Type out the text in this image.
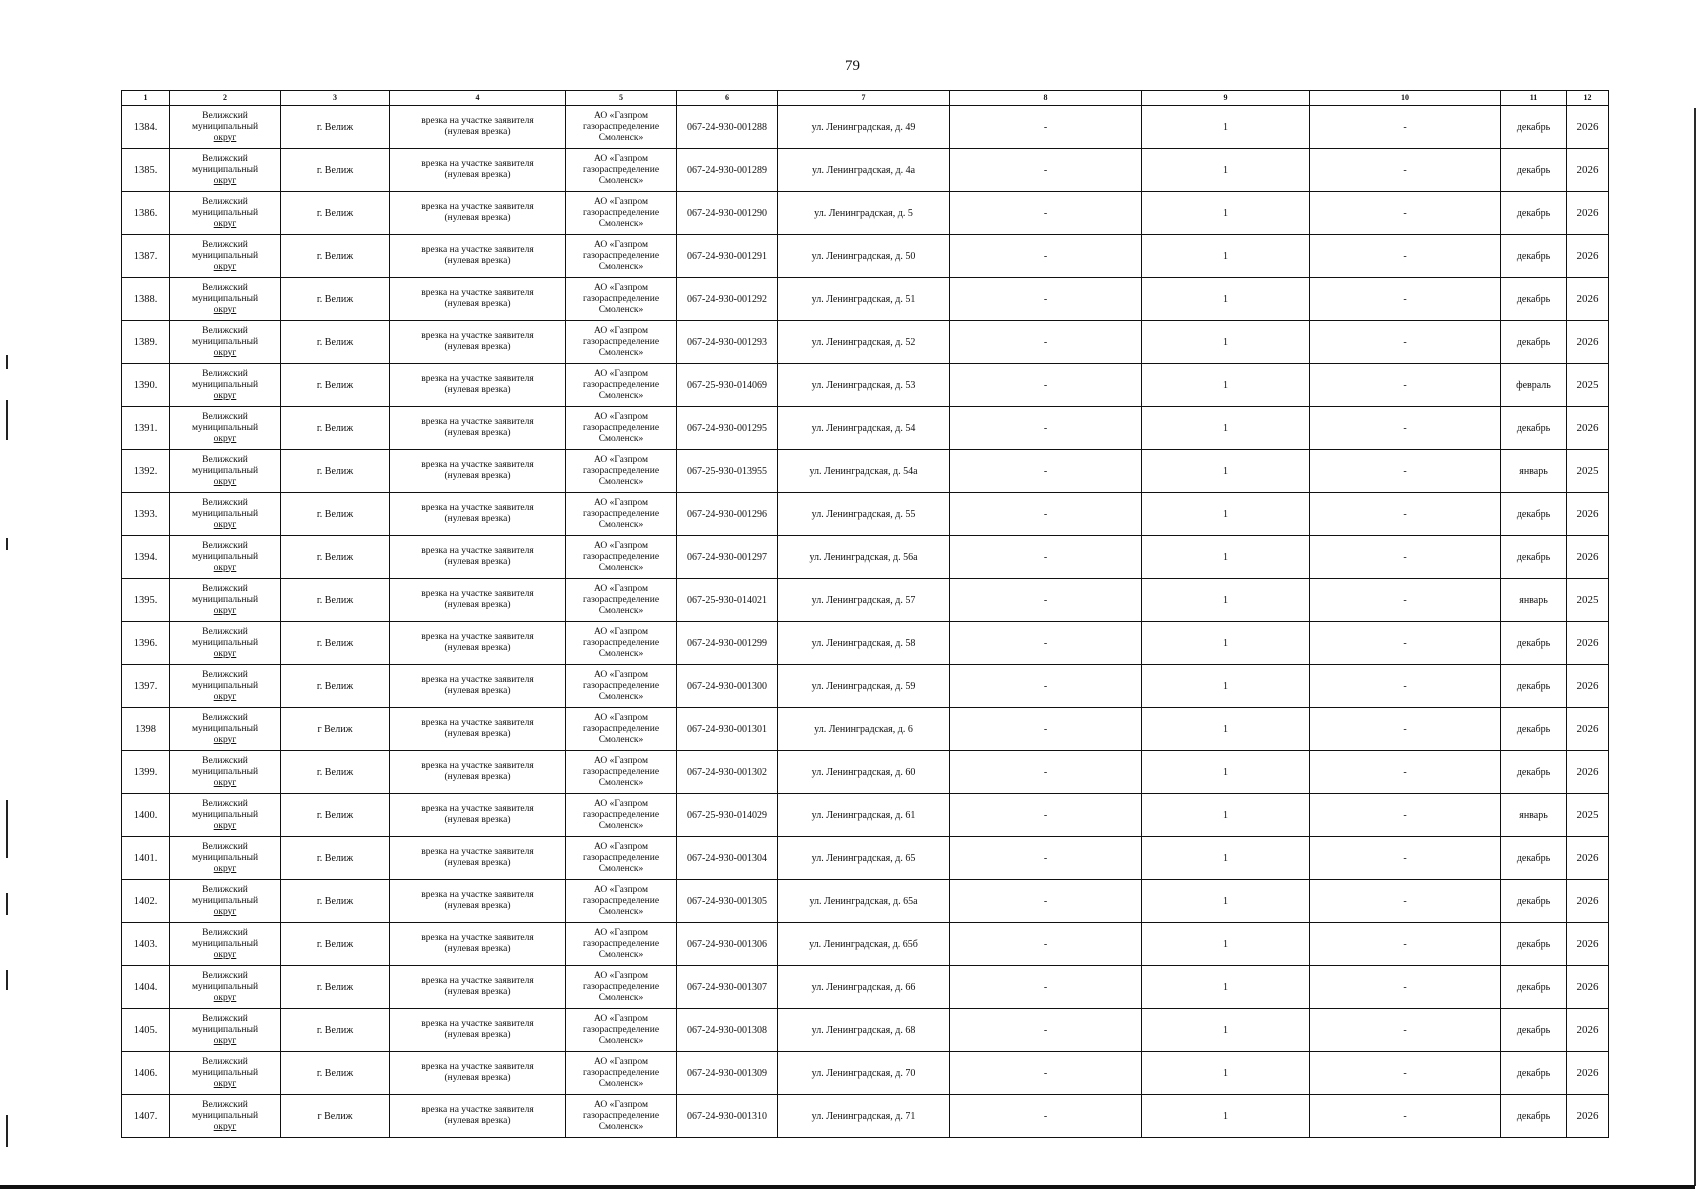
79
1	2	3	4	5	6	7	8	9	10	11	12
1384.	Велижский
муниципальный
округ	г. Велиж	врезка на участке заявителя
(нулевая врезка)	АО «Газпром
газораспределение
Смоленск»	067-24-930-001288	ул. Ленинградская, д. 49	-	1	-	декабрь	2026
1385.	Велижский
муниципальный
округ	г. Велиж	врезка на участке заявителя
(нулевая врезка)	АО «Газпром
газораспределение
Смоленск»	067-24-930-001289	ул. Ленинградская, д. 4а	-	1	-	декабрь	2026
1386.	Велижский
муниципальный
округ	г. Велиж	врезка на участке заявителя
(нулевая врезка)	АО «Газпром
газораспределение
Смоленск»	067-24-930-001290	ул. Ленинградская, д. 5	-	1	-	декабрь	2026
1387.	Велижский
муниципальный
округ	г. Велиж	врезка на участке заявителя
(нулевая врезка)	АО «Газпром
газораспределение
Смоленск»	067-24-930-001291	ул. Ленинградская, д. 50	-	1	-	декабрь	2026
1388.	Велижский
муниципальный
округ	г. Велиж	врезка на участке заявителя
(нулевая врезка)	АО «Газпром
газораспределение
Смоленск»	067-24-930-001292	ул. Ленинградская, д. 51	-	1	-	декабрь	2026
1389.	Велижский
муниципальный
округ	г. Велиж	врезка на участке заявителя
(нулевая врезка)	АО «Газпром
газораспределение
Смоленск»	067-24-930-001293	ул. Ленинградская, д. 52	-	1	-	декабрь	2026
1390.	Велижский
муниципальный
округ	г. Велиж	врезка на участке заявителя
(нулевая врезка)	АО «Газпром
газораспределение
Смоленск»	067-25-930-014069	ул. Ленинградская, д. 53	-	1	-	февраль	2025
1391.	Велижский
муниципальный
округ	г. Велиж	врезка на участке заявителя
(нулевая врезка)	АО «Газпром
газораспределение
Смоленск»	067-24-930-001295	ул. Ленинградская, д. 54	-	1	-	декабрь	2026
1392.	Велижский
муниципальный
округ	г. Велиж	врезка на участке заявителя
(нулевая врезка)	АО «Газпром
газораспределение
Смоленск»	067-25-930-013955	ул. Ленинградская, д. 54а	-	1	-	январь	2025
1393.	Велижский
муниципальный
округ	г. Велиж	врезка на участке заявителя
(нулевая врезка)	АО «Газпром
газораспределение
Смоленск»	067-24-930-001296	ул. Ленинградская, д. 55	-	1	-	декабрь	2026
1394.	Велижский
муниципальный
округ	г. Велиж	врезка на участке заявителя
(нулевая врезка)	АО «Газпром
газораспределение
Смоленск»	067-24-930-001297	ул. Ленинградская, д. 56а	-	1	-	декабрь	2026
1395.	Велижский
муниципальный
округ	г. Велиж	врезка на участке заявителя
(нулевая врезка)	АО «Газпром
газораспределение
Смоленск»	067-25-930-014021	ул. Ленинградская, д. 57	-	1	-	январь	2025
1396.	Велижский
муниципальный
округ	г. Велиж	врезка на участке заявителя
(нулевая врезка)	АО «Газпром
газораспределение
Смоленск»	067-24-930-001299	ул. Ленинградская, д. 58	-	1	-	декабрь	2026
1397.	Велижский
муниципальный
округ	г. Велиж	врезка на участке заявителя
(нулевая врезка)	АО «Газпром
газораспределение
Смоленск»	067-24-930-001300	ул. Ленинградская, д. 59	-	1	-	декабрь	2026
1398	Велижский
муниципальный
округ	г Велиж	врезка на участке заявителя
(нулевая врезка)	АО «Газпром
газораспределение
Смоленск»	067-24-930-001301	ул. Ленинградская, д. 6	-	1	-	декабрь	2026
1399.	Велижский
муниципальный
округ	г. Велиж	врезка на участке заявителя
(нулевая врезка)	АО «Газпром
газораспределение
Смоленск»	067-24-930-001302	ул. Ленинградская, д. 60	-	1	-	декабрь	2026
1400.	Велижский
муниципальный
округ	г. Велиж	врезка на участке заявителя
(нулевая врезка)	АО «Газпром
газораспределение
Смоленск»	067-25-930-014029	ул. Ленинградская, д. 61	-	1	-	январь	2025
1401.	Велижский
муниципальный
округ	г. Велиж	врезка на участке заявителя
(нулевая врезка)	АО «Газпром
газораспределение
Смоленск»	067-24-930-001304	ул. Ленинградская, д. 65	-	1	-	декабрь	2026
1402.	Велижский
муниципальный
округ	г. Велиж	врезка на участке заявителя
(нулевая врезка)	АО «Газпром
газораспределение
Смоленск»	067-24-930-001305	ул. Ленинградская, д. 65а	-	1	-	декабрь	2026
1403.	Велижский
муниципальный
округ	г. Велиж	врезка на участке заявителя
(нулевая врезка)	АО «Газпром
газораспределение
Смоленск»	067-24-930-001306	ул. Ленинградская, д. 65б	-	1	-	декабрь	2026
1404.	Велижский
муниципальный
округ	г. Велиж	врезка на участке заявителя
(нулевая врезка)	АО «Газпром
газораспределение
Смоленск»	067-24-930-001307	ул. Ленинградская, д. 66	-	1	-	декабрь	2026
1405.	Велижский
муниципальный
округ	г. Велиж	врезка на участке заявителя
(нулевая врезка)	АО «Газпром
газораспределение
Смоленск»	067-24-930-001308	ул. Ленинградская, д. 68	-	1	-	декабрь	2026
1406.	Велижский
муниципальный
округ	г. Велиж	врезка на участке заявителя
(нулевая врезка)	АО «Газпром
газораспределение
Смоленск»	067-24-930-001309	ул. Ленинградская, д. 70	-	1	-	декабрь	2026
1407.	Велижский
муниципальный
округ	г Велиж	врезка на участке заявителя
(нулевая врезка)	АО «Газпром
газораспределение
Смоленск»	067-24-930-001310	ул. Ленинградская, д. 71	-	1	-	декабрь	2026
